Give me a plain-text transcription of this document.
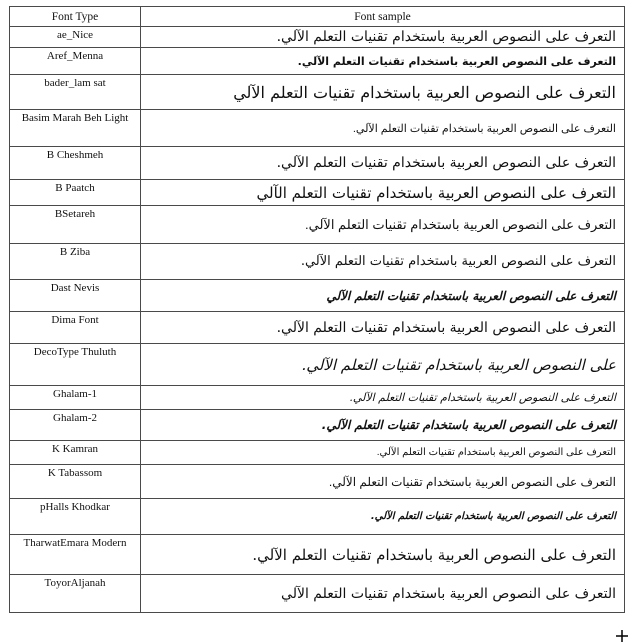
Font Type	Font sample
ae_Nice	التعرف على النصوص العربية باستخدام تقنيات التعلم الآلي.
Aref_Menna	التعرف على النصوص العربية باستخدام تقنيات التعلم الآلي.
bader_lam sat	التعرف على النصوص العربية باستخدام تقنيات التعلم الآلي
Basim Marah Beh Light	التعرف على النصوص العربية باستخدام تقنيات التعلم الآلي.
B Cheshmeh	التعرف على النصوص العربية باستخدام تقنيات التعلم الآلي.
B Paatch	التعرف على النصوص العربية باستخدام تقنيات التعلم الآلي
BSetareh	التعرف على النصوص العربية باستخدام تقنيات التعلم الآلي.
B Ziba	التعرف على النصوص العربية باستخدام تقنيات التعلم الآلي.
Dast Nevis	التعرف على النصوص العربية باستخدام تقنيات التعلم الآلي
Dima Font	التعرف على النصوص العربية باستخدام تقنيات التعلم الآلي.
DecoType Thuluth	على النصوص العربية باستخدام تقنيات التعلم الآلي.
Ghalam-1	التعرف على النصوص العربية باستخدام تقنيات التعلم الآلي.
Ghalam-2	التعرف على النصوص العربية باستخدام تقنيات التعلم الآلي.
K Kamran	التعرف على النصوص العربية باستخدام تقنيات التعلم الآلي.
K Tabassom	التعرف على النصوص العربية باستخدام تقنيات التعلم الآلي.
pHalls Khodkar	التعرف على النصوص العربية باستخدام تقنيات التعلم الآلي.
TharwatEmara Modern	التعرف على النصوص العربية باستخدام تقنيات التعلم الآلي.
ToyorAljanah	التعرف على النصوص العربية باستخدام تقنيات التعلم الآلي
